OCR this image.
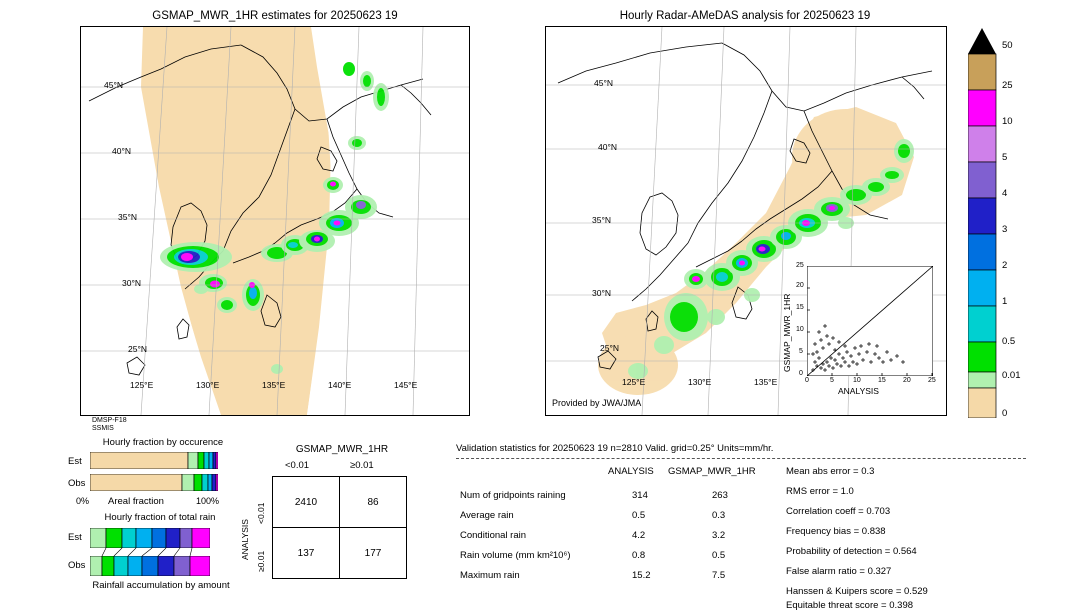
GSMAP_MWR_1HR estimates for 20250623 19
45°N
40°N
35°N
30°N
25°N
125°E	130°E	135°E	140°E	145°E
DMSP-F18
SSMIS
Hourly Radar-AMeDAS analysis for 20250623 19
45°N
40°N
35°N
30°N
25°N
125°E	130°E	135°E
Provided by JWA/JMA
0	5	10 15 20 25
0
5
10
15
20
25
ANALYSIS
GSMAP_MWR_1HR
50
25
10
5
4
3
2
1
0.5
0.01
0
Hourly fraction by occurence
Est
Obs
0% Areal fraction	100%
Hourly fraction of total rain
Est
Obs
Rainfall accumulation by amount
GSMAP_MWR_1HR
<0.01	≥0.01
ANALYSIS
<0.01
≥0.01
2410	86
137	177
Validation statistics for 20250623 19 n=2810 Valid. grid=0.25° Units=mm/hr.
ANALYSIS GSMAP_MWR_1HR
Num of gridpoints raining	314	263
Average rain	0.5	0.3
Conditional rain	4.2	3.2
Rain volume (mm km²10⁶)	0.8	0.5
Maximum rain	15.2	7.5
Mean abs error = 0.3
RMS error = 1.0
Correlation coeff = 0.703
Frequency bias = 0.838
Probability of detection = 0.564
False alarm ratio = 0.327
Hanssen & Kuipers score = 0.529
Equitable threat score = 0.398
